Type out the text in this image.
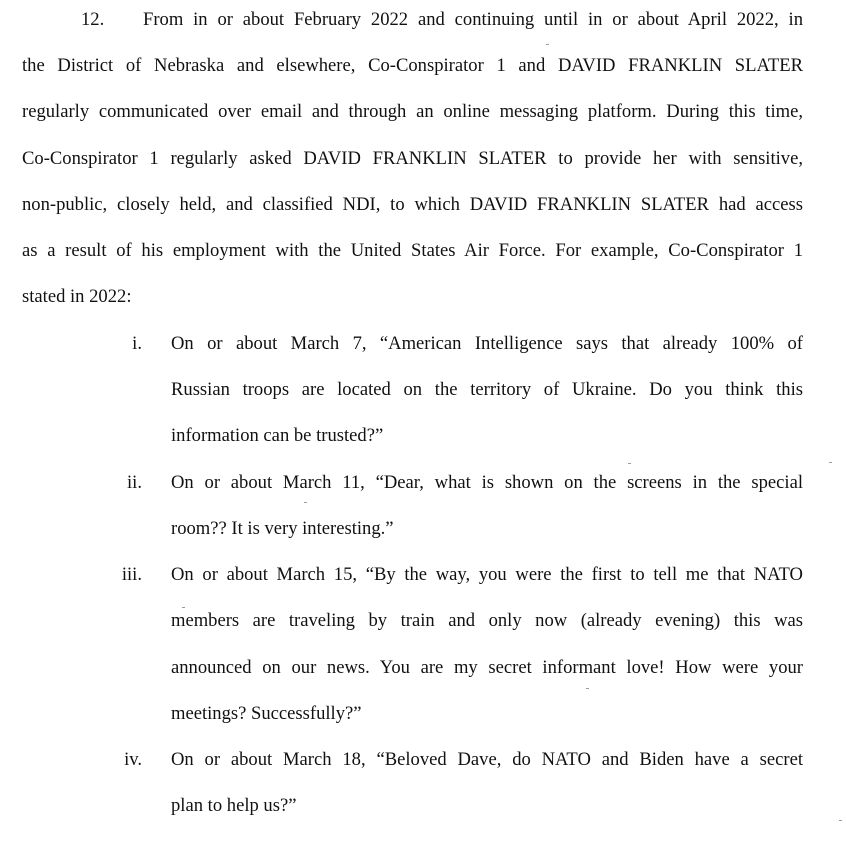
12. From in or about February 2022 and continuing until in or about April 2022, in
the District of Nebraska and elsewhere, Co-Conspirator 1 and DAVID FRANKLIN SLATER
regularly communicated over email and through an online messaging platform. During this time,
Co-Conspirator 1 regularly asked DAVID FRANKLIN SLATER to provide her with sensitive,
non-public, closely held, and classified NDI, to which DAVID FRANKLIN SLATER had access
as a result of his employment with the United States Air Force. For example, Co-Conspirator 1
stated in 2022:
i. On or about March 7, “American Intelligence says that already 100% of
Russian troops are located on the territory of Ukraine. Do you think this
information can be trusted?”
ii. On or about March 11, “Dear, what is shown on the screens in the special
room?? It is very interesting.”
iii. On or about March 15, “By the way, you were the first to tell me that NATO
members are traveling by train and only now (already evening) this was
announced on our news. You are my secret informant love! How were your
meetings? Successfully?”
iv. On or about March 18, “Beloved Dave, do NATO and Biden have a secret
plan to help us?”
